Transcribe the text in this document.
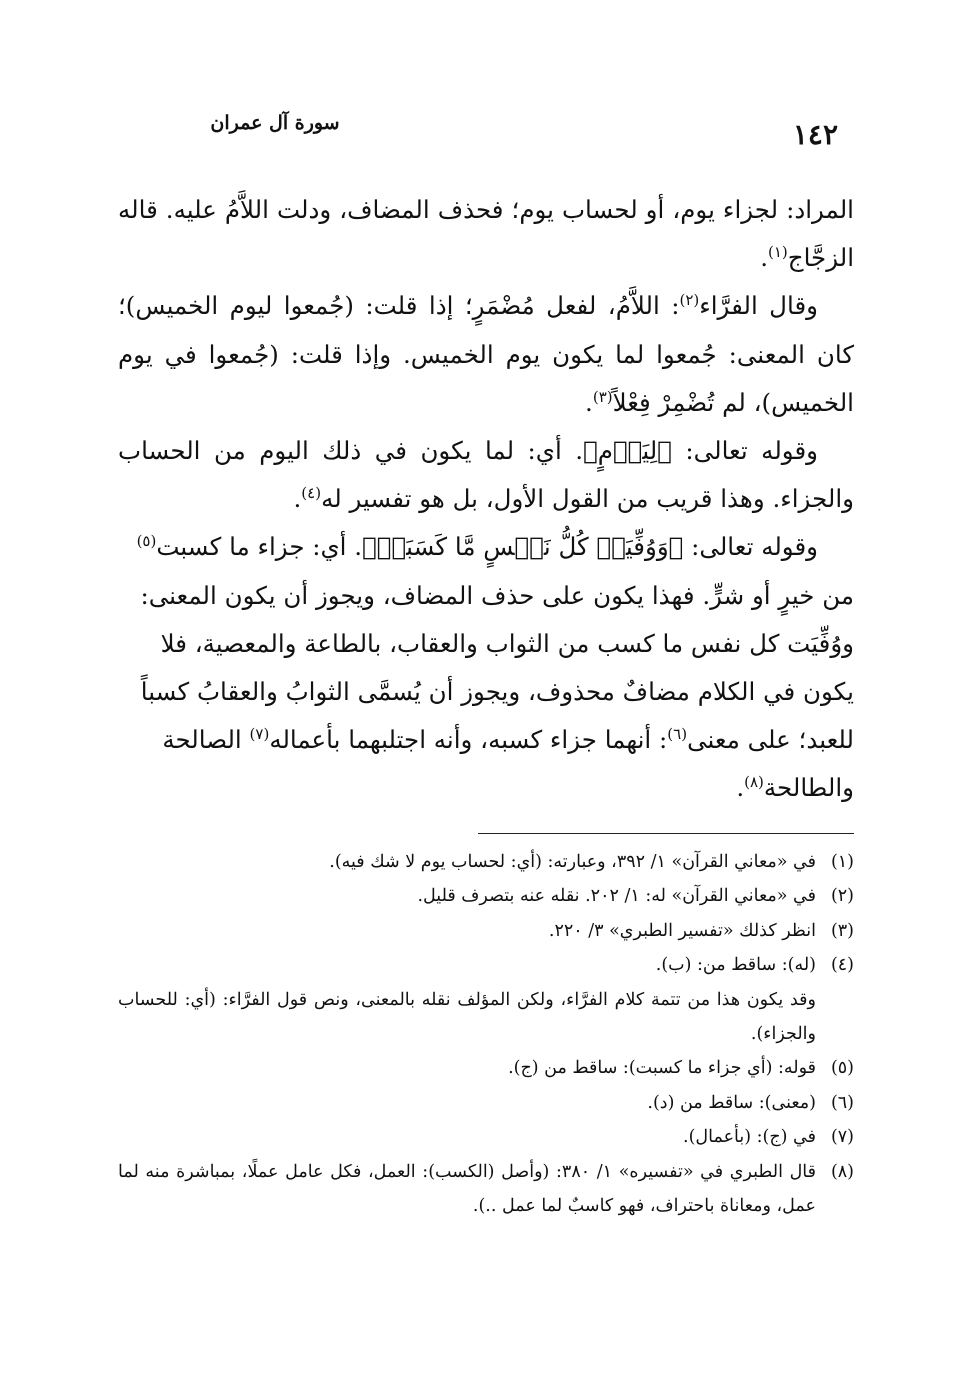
سورة آل عمران	١٤٢

المراد: لجزاء يوم، أو لحساب يوم؛ فحذف المضاف، ودلت اللاَّمُ عليه. قاله الزجَّاج$^{(١)}$.

وقال الفرَّاء$^{(٢)}$: اللاَّمُ، لفعل مُضْمَرٍ؛ إذا قلت: (جُمعوا ليوم الخميس)؛ كان المعنى: جُمعوا لما يكون يوم الخميس. وإذا قلت: (جُمعوا في يوم الخميس)، لم تُضْمِرْ فِعْلاً$^{(٣)}$.

وقوله تعالى: ﴿لِيَوۡمٍ﴾. أي: لما يكون في ذلك اليوم من الحساب والجزاء. وهذا قريب من القول الأول، بل هو تفسير له$^{(٤)}$.

وقوله تعالى: ﴿وَوُفِّيَتۡ كُلُّ نَفۡسٍ مَّا كَسَبَتۡ﴾. أي: جزاء ما كسبت$^{(٥)}$ من خيرٍ أو شرٍّ. فهذا يكون على حذف المضاف، ويجوز أن يكون المعنى: ووُفِّيَت كل نفس ما كسب من الثواب والعقاب، بالطاعة والمعصية، فلا يكون في الكلام مضافٌ محذوف، ويجوز أن يُسمَّى الثوابُ والعقابُ كسباً للعبد؛ على معنى$^{(٦)}$: أنهما جزاء كسبه، وأنه اجتلبهما بأعماله$^{(٧)}$ الصالحة والطالحة$^{(٨)}$.

(١)
في «معاني القرآن» ١/ ٣٩٢، وعبارته: (أي: لحساب يوم لا شك فيه).
(٢)
في «معاني القرآن» له: ١/ ٢٠٢. نقله عنه بتصرف قليل.
(٣)
انظر كذلك «تفسير الطبري» ٣/ ٢٢٠.
(٤)
(له): ساقط من: (ب).

وقد يكون هذا من تتمة كلام الفرَّاء، ولكن المؤلف نقله بالمعنى، ونص قول الفرَّاء: (أي: للحساب والجزاء).

(٥)
قوله: (أي جزاء ما كسبت): ساقط من (ج).
(٦)
(معنى): ساقط من (د).
(٧)
في (ج): (بأعمال).
(٨)
قال الطبري في «تفسيره» ١/ ٣٨٠: (وأصل (الكسب): العمل، فكل عامل عملًا، بمباشرة منه لما عمل، ومعاناة باحتراف، فهو كاسبٌ لما عمل ..).
